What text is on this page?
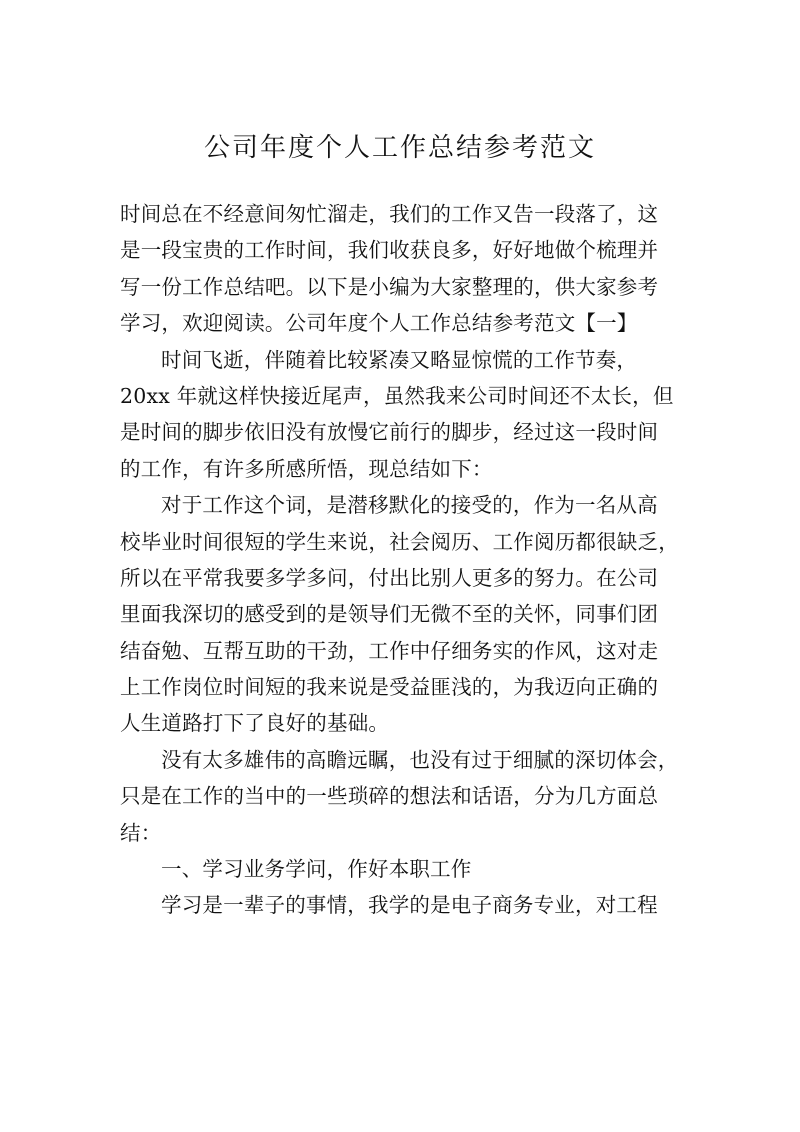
公司年度个人工作总结参考范文
时间总在不经意间匆忙溜走，我们的工作又告一段落了，这
是一段宝贵的工作时间，我们收获良多，好好地做个梳理并
写一份工作总结吧。以下是小编为大家整理的，供大家参考
学习，欢迎阅读。公司年度个人工作总结参考范文【一】
时间飞逝，伴随着比较紧凑又略显惊慌的工作节奏，
20xx 年就这样快接近尾声，虽然我来公司时间还不太长，但
是时间的脚步依旧没有放慢它前行的脚步，经过这一段时间
的工作，有许多所感所悟，现总结如下：
对于工作这个词，是潜移默化的接受的，作为一名从高
校毕业时间很短的学生来说，社会阅历、工作阅历都很缺乏，
所以在平常我要多学多问，付出比别人更多的努力。在公司
里面我深切的感受到的是领导们无微不至的关怀，同事们团
结奋勉、互帮互助的干劲，工作中仔细务实的作风，这对走
上工作岗位时间短的我来说是受益匪浅的，为我迈向正确的
人生道路打下了良好的基础。
没有太多雄伟的高瞻远瞩，也没有过于细腻的深切体会，
只是在工作的当中的一些琐碎的想法和话语，分为几方面总
结：
一、学习业务学问，作好本职工作
学习是一辈子的事情，我学的是电子商务专业，对工程
